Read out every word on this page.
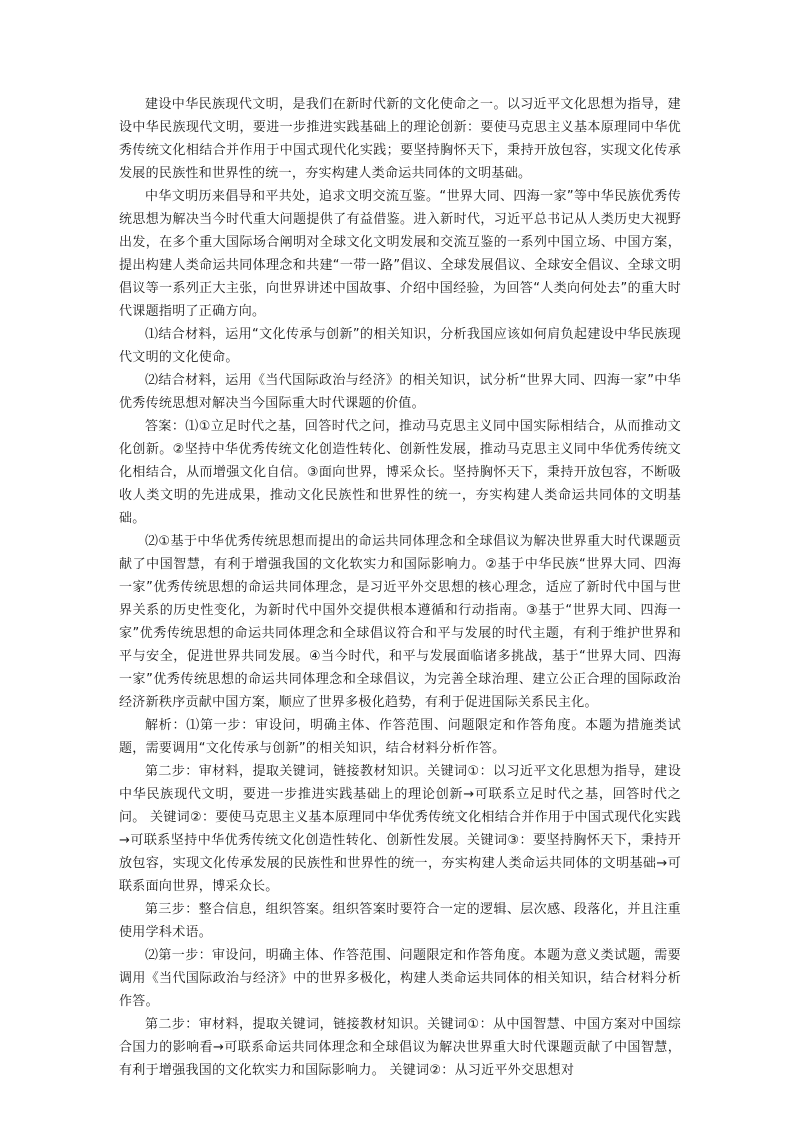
建设中华民族现代文明，是我们在新时代新的文化使命之一。以习近平文化思想为指导，建设中华民族现代文明，要进一步推进实践基础上的理论创新：要使马克思主义基本原理同中华优秀传统文化相结合并作用于中国式现代化实践；要坚持胸怀天下，秉持开放包容，实现文化传承发展的民族性和世界性的统一，夯实构建人类命运共同体的文明基础。

中华文明历来倡导和平共处，追求文明交流互鉴。“世界大同、四海一家”等中华民族优秀传统思想为解决当今时代重大问题提供了有益借鉴。进入新时代，习近平总书记从人类历史大视野出发，在多个重大国际场合阐明对全球文化文明发展和交流互鉴的一系列中国立场、中国方案，提出构建人类命运共同体理念和共建“一带一路”倡议、全球发展倡议、全球安全倡议、全球文明倡议等一系列正大主张，向世界讲述中国故事、介绍中国经验，为回答“人类向何处去”的重大时代课题指明了正确方向。

⑴结合材料，运用“文化传承与创新”的相关知识，分析我国应该如何肩负起建设中华民族现代文明的文化使命。

⑵结合材料，运用《当代国际政治与经济》的相关知识，试分析“世界大同、四海一家”中华优秀传统思想对解决当今国际重大时代课题的价值。

答案：⑴①立足时代之基，回答时代之问，推动马克思主义同中国实际相结合，从而推动文化创新。②坚持中华优秀传统文化创造性转化、创新性发展，推动马克思主义同中华优秀传统文化相结合，从而增强文化自信。③面向世界，博采众长。坚持胸怀天下，秉持开放包容，不断吸收人类文明的先进成果，推动文化民族性和世界性的统一，夯实构建人类命运共同体的文明基础。

⑵①基于中华优秀传统思想而提出的命运共同体理念和全球倡议为解决世界重大时代课题贡献了中国智慧，有利于增强我国的文化软实力和国际影响力。②基于中华民族“世界大同、四海一家”优秀传统思想的命运共同体理念，是习近平外交思想的核心理念，适应了新时代中国与世界关系的历史性变化，为新时代中国外交提供根本遵循和行动指南。③基于“世界大同、四海一家”优秀传统思想的命运共同体理念和全球倡议符合和平与发展的时代主题，有利于维护世界和平与安全，促进世界共同发展。④当今时代，和平与发展面临诸多挑战，基于“世界大同、四海一家”优秀传统思想的命运共同体理念和全球倡议，为完善全球治理、建立公正合理的国际政治经济新秩序贡献中国方案，顺应了世界多极化趋势，有利于促进国际关系民主化。

解析：⑴第一步：审设问，明确主体、作答范围、问题限定和作答角度。本题为措施类试题，需要调用“文化传承与创新”的相关知识，结合材料分析作答。

第二步：审材料，提取关键词，链接教材知识。关键词①：以习近平文化思想为指导，建设中华民族现代文明，要进一步推进实践基础上的理论创新→可联系立足时代之基，回答时代之问。 关键词②：要使马克思主义基本原理同中华优秀传统文化相结合并作用于中国式现代化实践→可联系坚持中华优秀传统文化创造性转化、创新性发展。关键词③：要坚持胸怀天下，秉持开放包容，实现文化传承发展的民族性和世界性的统一，夯实构建人类命运共同体的文明基础→可联系面向世界，博采众长。

第三步：整合信息，组织答案。组织答案时要符合一定的逻辑、层次感、段落化，并且注重使用学科术语。

⑵第一步：审设问，明确主体、作答范围、问题限定和作答角度。本题为意义类试题，需要调用《当代国际政治与经济》中的世界多极化，构建人类命运共同体的相关知识，结合材料分析作答。

第二步：审材料，提取关键词，链接教材知识。关键词①：从中国智慧、中国方案对中国综合国力的影响看→可联系命运共同体理念和全球倡议为解决世界重大时代课题贡献了中国智慧，有利于增强我国的文化软实力和国际影响力。 关键词②：从习近平外交思想对
